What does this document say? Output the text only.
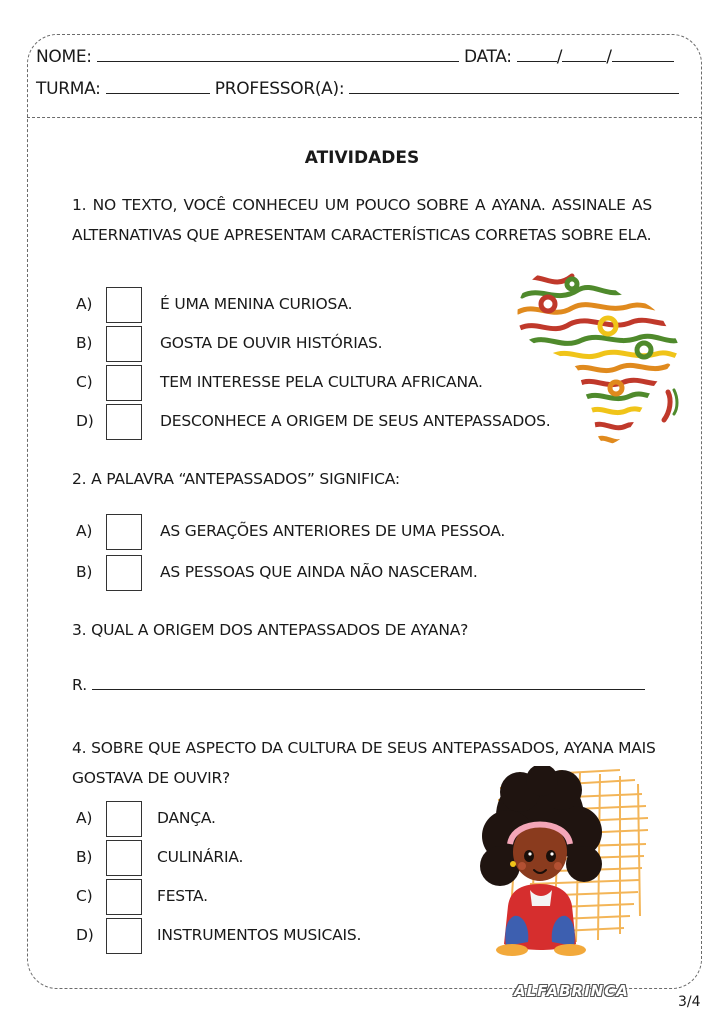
NOME:	DATA:	/	/
TURMA:	PROFESSOR(A):
ATIVIDADES
1. NO TEXTO, VOCÊ CONHECEU UM POUCO SOBRE A AYANA. ASSINALE AS ALTERNATIVAS QUE APRESENTAM CARACTERÍSTICAS CORRETAS SOBRE ELA.
A)	É UMA MENINA CURIOSA.
B)	GOSTA DE OUVIR HISTÓRIAS.
C)	TEM INTERESSE PELA CULTURA AFRICANA.
D)	DESCONHECE A ORIGEM DE SEUS ANTEPASSADOS.
2. A PALAVRA “ANTEPASSADOS” SIGNIFICA:
A)	AS GERAÇÕES ANTERIORES DE UMA PESSOA.
B)	AS PESSOAS QUE AINDA NÃO NASCERAM.
3. QUAL A ORIGEM DOS ANTEPASSADOS DE AYANA?
R.
4. SOBRE QUE ASPECTO DA CULTURA DE SEUS ANTEPASSADOS, AYANA MAIS GOSTAVA DE OUVIR?
A)	DANÇA.
B)	CULINÁRIA.
C)	FESTA.
D)	INSTRUMENTOS MUSICAIS.
ALFABRINCA
3/4
